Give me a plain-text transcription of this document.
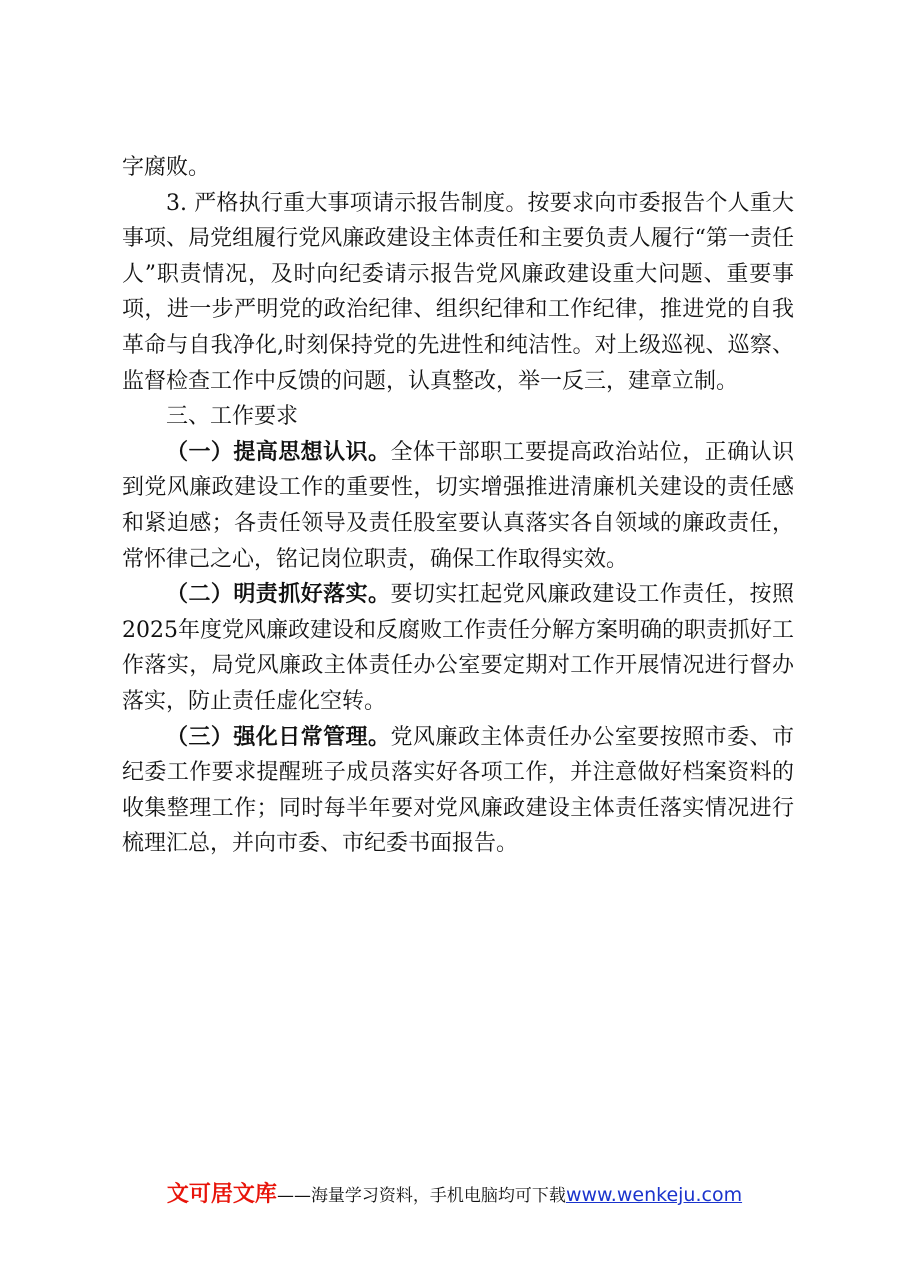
字腐败。

3. 严格执行重大事项请示报告制度。按要求向市委报告个人重大事项、局党组履行党风廉政建设主体责任和主要负责人履行“第一责任人”职责情况，及时向纪委请示报告党风廉政建设重大问题、重要事项，进一步严明党的政治纪律、组织纪律和工作纪律，推进党的自我革命与自我净化,时刻保持党的先进性和纯洁性。对上级巡视、巡察、监督检查工作中反馈的问题，认真整改，举一反三，建章立制。

三、工作要求

（一）提高思想认识。全体干部职工要提高政治站位，正确认识到党风廉政建设工作的重要性，切实增强推进清廉机关建设的责任感和紧迫感；各责任领导及责任股室要认真落实各自领域的廉政责任，常怀律己之心，铭记岗位职责，确保工作取得实效。

（二）明责抓好落实。要切实扛起党风廉政建设工作责任，按照2025年度党风廉政建设和反腐败工作责任分解方案明确的职责抓好工作落实，局党风廉政主体责任办公室要定期对工作开展情况进行督办落实，防止责任虚化空转。

（三）强化日常管理。党风廉政主体责任办公室要按照市委、市纪委工作要求提醒班子成员落实好各项工作，并注意做好档案资料的收集整理工作；同时每半年要对党风廉政建设主体责任落实情况进行梳理汇总，并向市委、市纪委书面报告。

文可居文库——海量学习资料，手机电脑均可下载www.wenkeju.com
